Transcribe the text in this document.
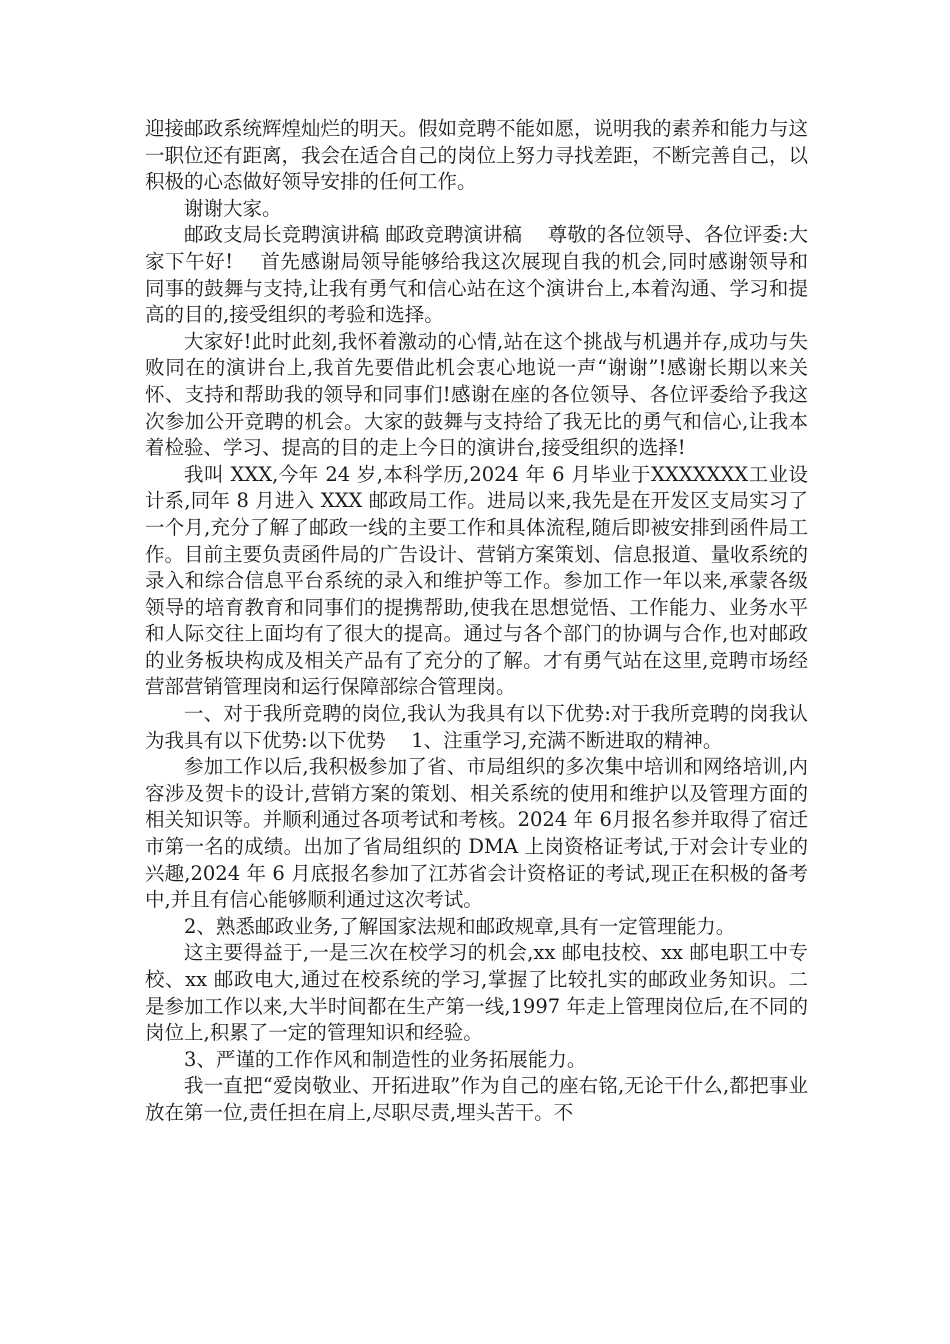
迎接邮政系统辉煌灿烂的明天。假如竞聘不能如愿，说明我的素养和能力与这一职位还有距离，我会在适合自己的岗位上努力寻找差距，不断完善自己，以积极的心态做好领导安排的任何工作。

谢谢大家。

邮政支局长竞聘演讲稿 邮政竞聘演讲稿　 尊敬的各位领导、各位评委:大家下午好!　 首先感谢局领导能够给我这次展现自我的机会,同时感谢领导和同事的鼓舞与支持,让我有勇气和信心站在这个演讲台上,本着沟通、学习和提高的目的,接受组织的考验和选择。

大家好!此时此刻,我怀着激动的心情,站在这个挑战与机遇并存,成功与失败同在的演讲台上,我首先要借此机会衷心地说一声“谢谢”!感谢长期以来关怀、支持和帮助我的领导和同事们!感谢在座的各位领导、各位评委给予我这次参加公开竞聘的机会。大家的鼓舞与支持给了我无比的勇气和信心,让我本着检验、学习、提高的目的走上今日的演讲台,接受组织的选择!

我叫 XXX,今年 24 岁,本科学历,2024 年 6 月毕业于XXXXXXX工业设计系,同年 8 月进入 XXX 邮政局工作。进局以来,我先是在开发区支局实习了一个月,充分了解了邮政一线的主要工作和具体流程,随后即被安排到函件局工作。目前主要负责函件局的广告设计、营销方案策划、信息报道、量收系统的录入和综合信息平台系统的录入和维护等工作。参加工作一年以来,承蒙各级领导的培育教育和同事们的提携帮助,使我在思想觉悟、工作能力、业务水平和人际交往上面均有了很大的提高。通过与各个部门的协调与合作,也对邮政的业务板块构成及相关产品有了充分的了解。才有勇气站在这里,竞聘市场经营部营销管理岗和运行保障部综合管理岗。

一、对于我所竞聘的岗位,我认为我具有以下优势:对于我所竞聘的岗我认为我具有以下优势:以下优势　 1、注重学习,充满不断进取的精神。

参加工作以后,我积极参加了省、市局组织的多次集中培训和网络培训,内容涉及贺卡的设计,营销方案的策划、相关系统的使用和维护以及管理方面的相关知识等。并顺利通过各项考试和考核。2024 年 6月报名参并取得了宿迁市第一名的成绩。出加了省局组织的 DMA 上岗资格证考试,于对会计专业的兴趣,2024 年 6 月底报名参加了江苏省会计资格证的考试,现正在积极的备考中,并且有信心能够顺利通过这次考试。

2、熟悉邮政业务,了解国家法规和邮政规章,具有一定管理能力。

这主要得益于,一是三次在校学习的机会,xx 邮电技校、xx 邮电职工中专校、xx 邮政电大,通过在校系统的学习,掌握了比较扎实的邮政业务知识。二是参加工作以来,大半时间都在生产第一线,1997 年走上管理岗位后,在不同的岗位上,积累了一定的管理知识和经验。

3、严谨的工作作风和制造性的业务拓展能力。

我一直把“爱岗敬业、开拓进取”作为自己的座右铭,无论干什么,都把事业放在第一位,责任担在肩上,尽职尽责,埋头苦干。不
